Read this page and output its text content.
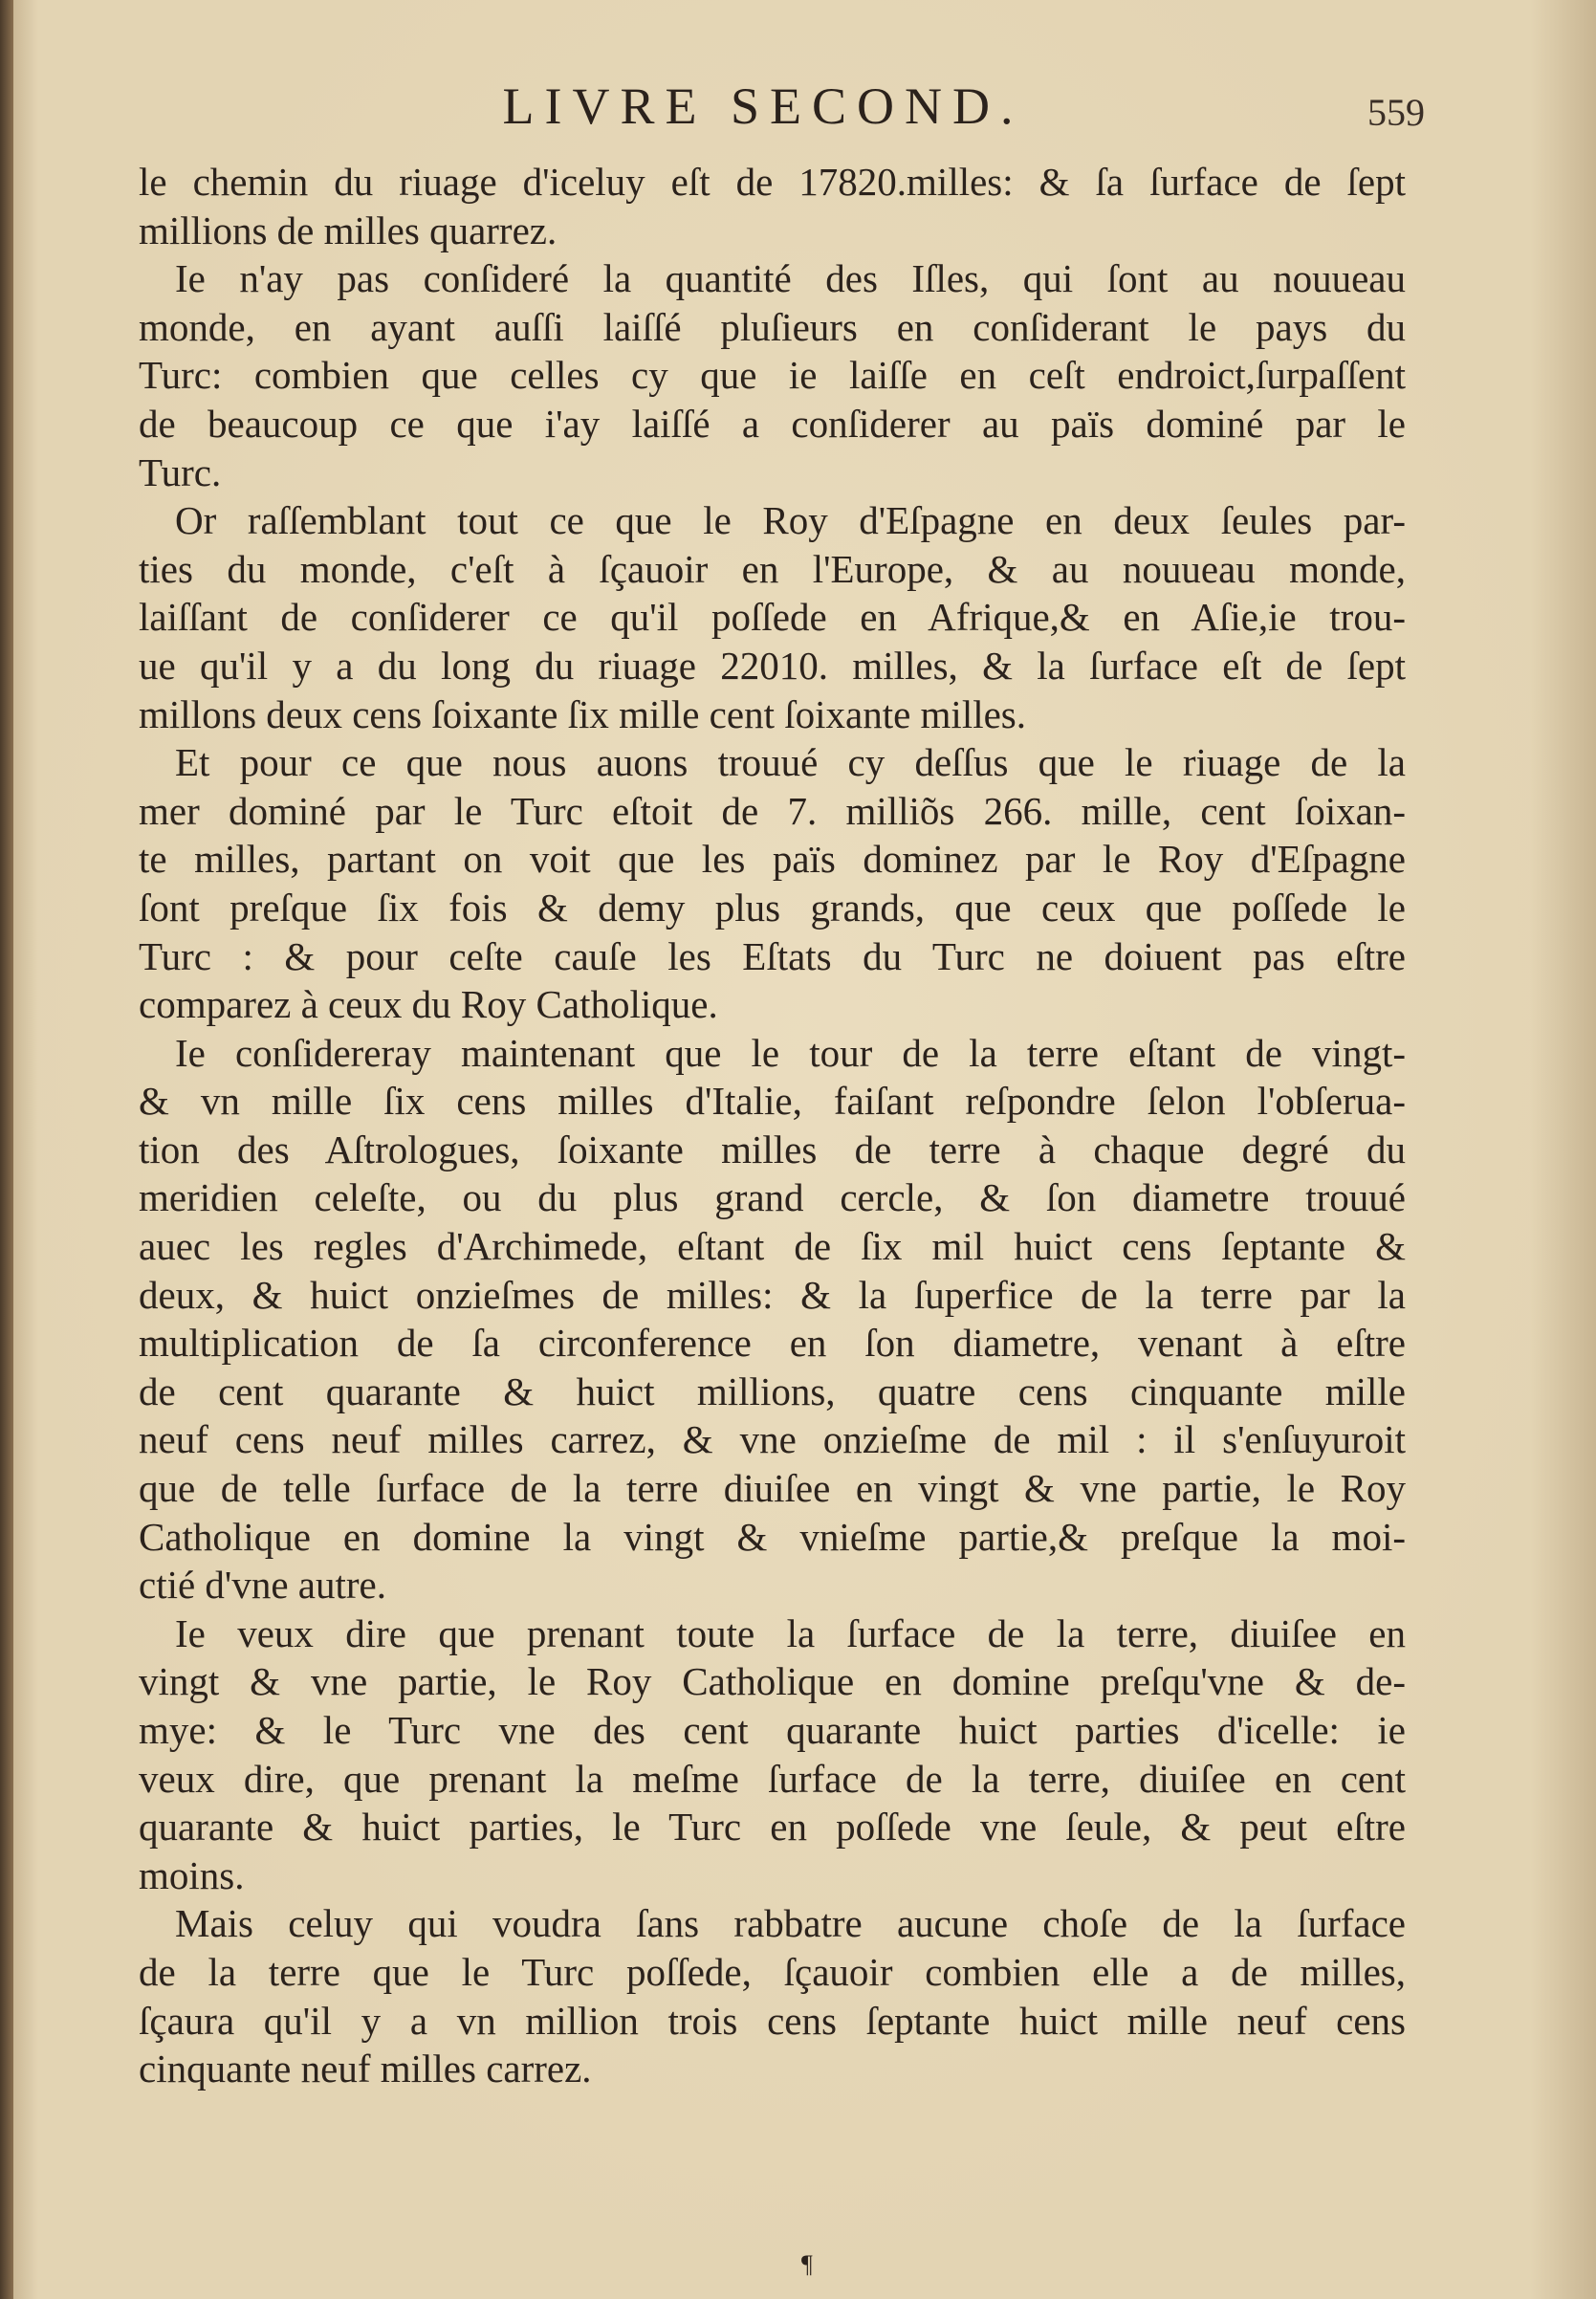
LIVRE SECOND.	559
le chemin du riuage d'iceluy eſt de 17820.milles: & ſa ſurface de ſept
millions de milles quarrez.
Ie n'ay pas conſideré la quantité des Iſles, qui ſont au nouueau
monde, en ayant auſſi laiſſé pluſieurs en conſiderant le pays du
Turc: combien que celles cy que ie laiſſe en ceſt endroict,ſurpaſſent
de beaucoup ce que i'ay laiſſé a conſiderer au païs dominé par le
Turc.
Or raſſemblant tout ce que le Roy d'Eſpagne en deux ſeules par-
ties du monde, c'eſt à ſçauoir en l'Europe, & au nouueau monde,
laiſſant de conſiderer ce qu'il poſſede en Afrique,& en Aſie,ie trou-
ue qu'il y a du long du riuage 22010. milles, & la ſurface eſt de ſept
millons deux cens ſoixante ſix mille cent ſoixante milles.
Et pour ce que nous auons trouué cy deſſus que le riuage de la
mer dominé par le Turc eſtoit de 7. milliõs 266. mille, cent ſoixan-
te milles, partant on voit que les païs dominez par le Roy d'Eſpagne
ſont preſque ſix fois & demy plus grands, que ceux que poſſede le
Turc : & pour ceſte cauſe les Eſtats du Turc ne doiuent pas eſtre
comparez à ceux du Roy Catholique.
Ie conſidereray maintenant que le tour de la terre eſtant de vingt-
& vn mille ſix cens milles d'Italie, faiſant reſpondre ſelon l'obſerua-
tion des Aſtrologues, ſoixante milles de terre à chaque degré du
meridien celeſte, ou du plus grand cercle, & ſon diametre trouué
auec les regles d'Archimede, eſtant de ſix mil huict cens ſeptante &
deux, & huict onzieſmes de milles: & la ſuperfice de la terre par la
multiplication de ſa circonference en ſon diametre, venant à eſtre
de cent quarante & huict millions, quatre cens cinquante mille
neuf cens neuf milles carrez, & vne onzieſme de mil : il s'enſuyuroit
que de telle ſurface de la terre diuiſee en vingt & vne partie, le Roy
Catholique en domine la vingt & vnieſme partie,& preſque la moi-
ctié d'vne autre.
Ie veux dire que prenant toute la ſurface de la terre, diuiſee en
vingt & vne partie, le Roy Catholique en domine preſqu'vne & de-
mye: & le Turc vne des cent quarante huict parties d'icelle: ie
veux dire, que prenant la meſme ſurface de la terre, diuiſee en cent
quarante & huict parties, le Turc en poſſede vne ſeule, & peut eſtre
moins.
Mais celuy qui voudra ſans rabbatre aucune choſe de la ſurface
de la terre que le Turc poſſede, ſçauoir combien elle a de milles,
ſçaura qu'il y a vn million trois cens ſeptante huict mille neuf cens
cinquante neuf milles carrez.
¶
